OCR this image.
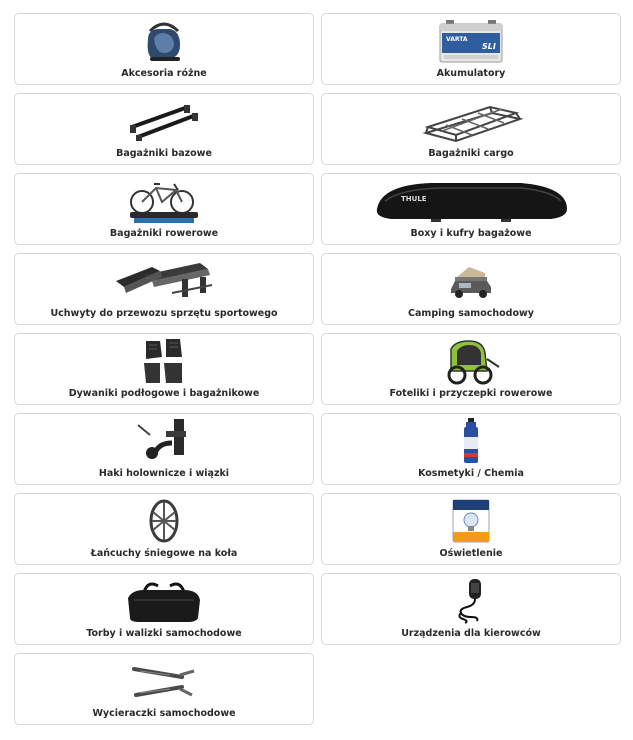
Akcesoria różne
VARTA
SLI
Akumulatory
Bagażniki bazowe	Bagażniki cargo
Bagażniki rowerowe
THULE
Boxy i kufry bagażowe
Uchwyty do przewozu sprzętu sportowego	Camping samochodowy
Dywaniki podłogowe i bagażnikowe	Foteliki i przyczepki rowerowe
Haki holownicze i wiązki	Kosmetyki / Chemia
Łańcuchy śniegowe na koła	Oświetlenie
Torby i walizki samochodowe	Urządzenia dla kierowców
Wycieraczki samochodowe
